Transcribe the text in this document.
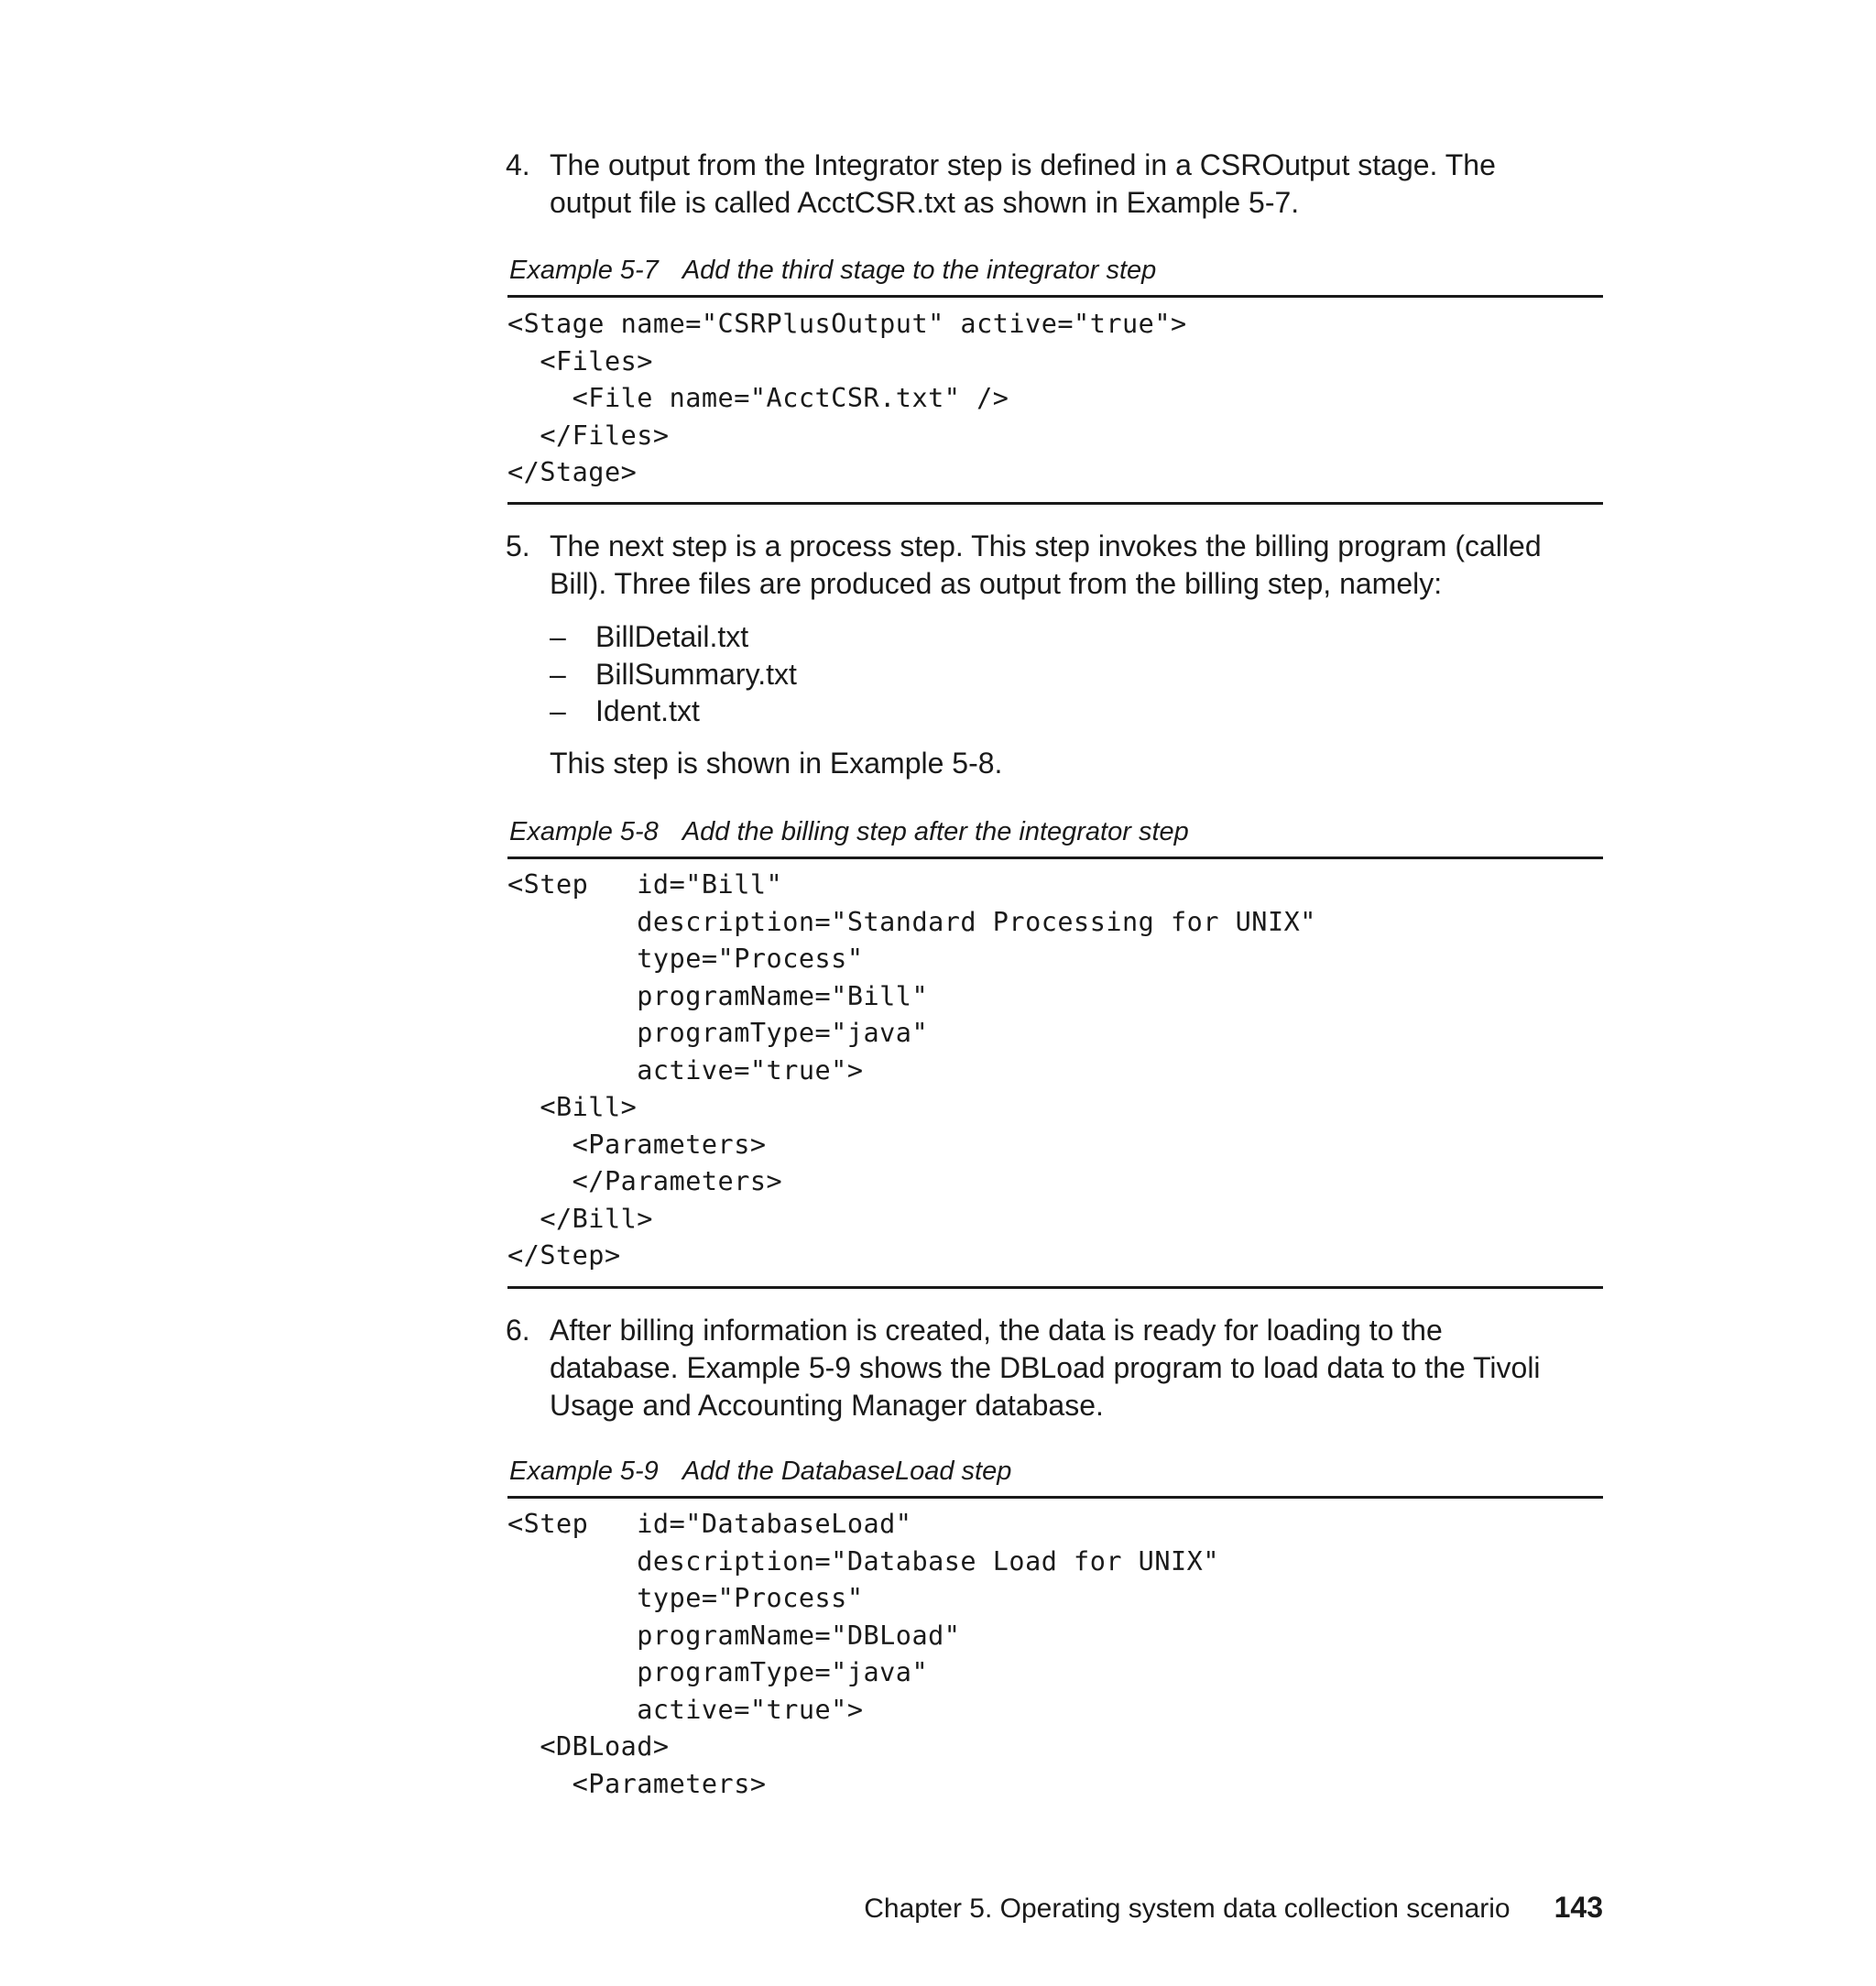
4. The output from the Integrator step is defined in a CSROutput stage. The
output file is called AcctCSR.txt as shown in Example 5-7.
Example 5-7 Add the third stage to the integrator step
<Stage name="CSRPlusOutput" active="true">
<Files>
<File name="AcctCSR.txt" />
</Files>
</Stage>
5. The next step is a process step. This step invokes the billing program (called
Bill). Three files are produced as output from the billing step, namely:
– BillDetail.txt
– BillSummary.txt
– Ident.txt
This step is shown in Example 5-8.
Example 5-8 Add the billing step after the integrator step
<Step   id="Bill"
description="Standard Processing for UNIX"
type="Process"
programName="Bill"
programType="java"
active="true">
<Bill>
<Parameters>
</Parameters>
</Bill>
</Step>
6. After billing information is created, the data is ready for loading to the
database. Example 5-9 shows the DBLoad program to load data to the Tivoli
Usage and Accounting Manager database.
Example 5-9 Add the DatabaseLoad step
<Step   id="DatabaseLoad"
description="Database Load for UNIX"
type="Process"
programName="DBLoad"
programType="java"
active="true">
<DBLoad>
<Parameters>
Chapter 5. Operating system data collection scenario 143
